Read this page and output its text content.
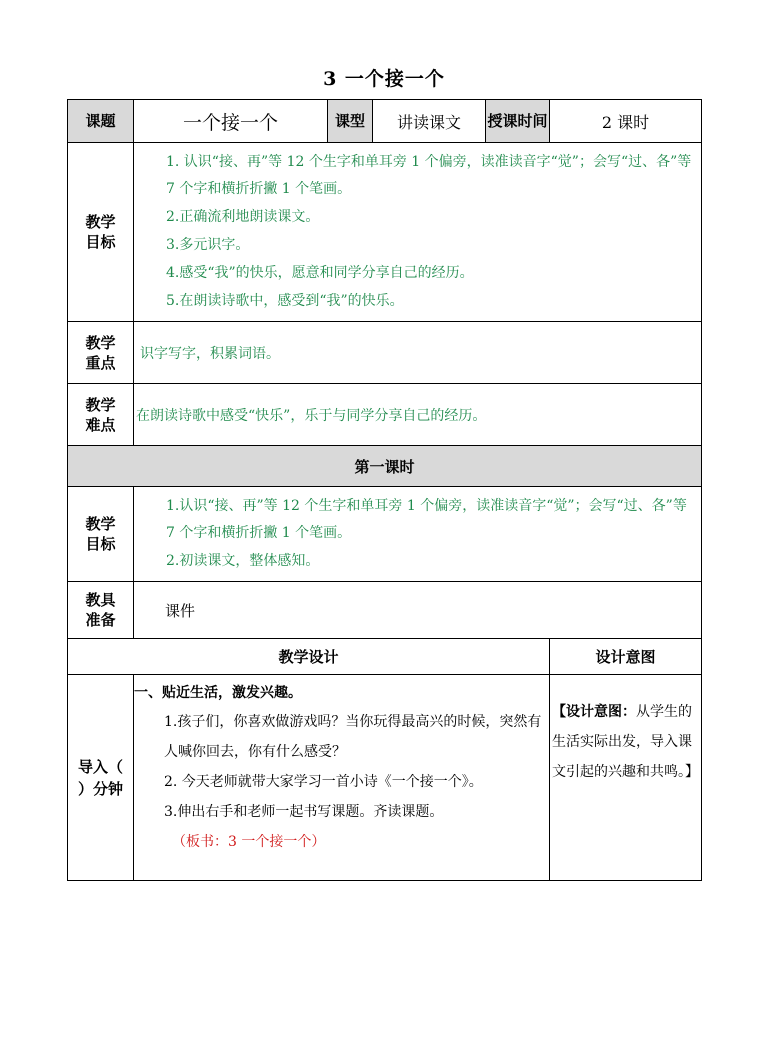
3 一个接一个
课题	一个接一个	课型	讲读课文	授课时间	2 课时
教学目标	1. 认识“接、再”等 12 个生字和单耳旁 1 个偏旁，读准读音字“觉”；会写“过、各”等 7 个字和横折折撇 1 个笔画。
2.正确流利地朗读课文。
3.多元识字。
4.感受“我”的快乐，愿意和同学分享自己的经历。
5.在朗读诗歌中，感受到“我”的快乐。				

教学重点	识字写字，积累词语。				
教学难点	在朗读诗歌中感受“快乐”，乐于与同学分享自己的经历。				
第一课时					
教学目标	1.认识“接、再”等 12 个生字和单耳旁 1 个偏旁，读准读音字“觉”；会写“过、各”等 7 个字和横折折撇 1 个笔画。
2.初读课文，整体感知。				

教具准备	课件				
教学设计					设计意图
导入（ ）分钟	一、贴近生活，激发兴趣。
1.孩子们，你喜欢做游戏吗？当你玩得最高兴的时候，突然有人喊你回去，你有什么感受？
2. 今天老师就带大家学习一首小诗《一个接一个》。
3.伸出右手和老师一起书写课题。齐读课题。
（板书：3 一个接一个）				【设计意图：从学生的生活实际出发，导入课文引起的兴趣和共鸣。】
